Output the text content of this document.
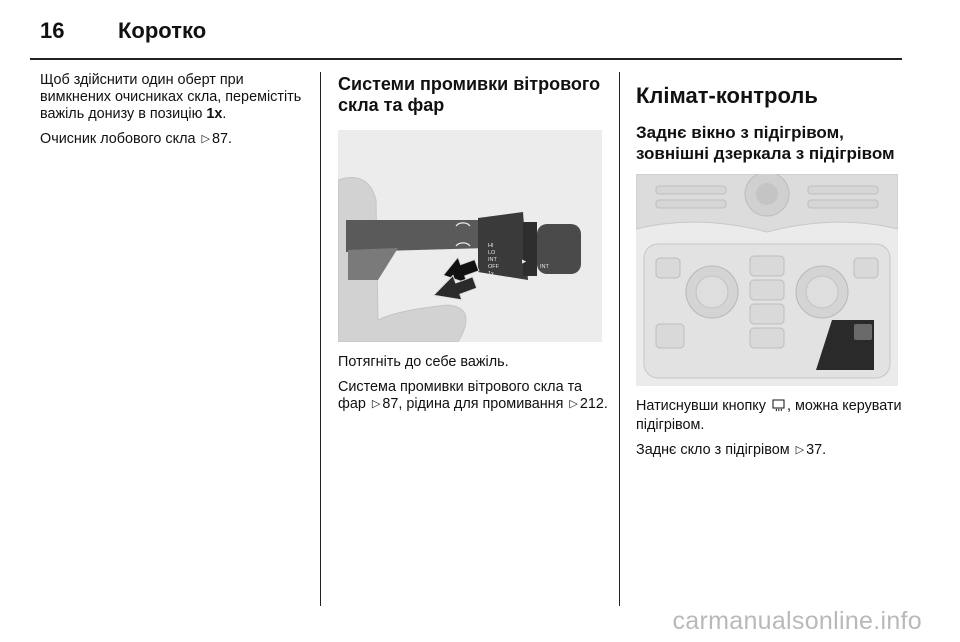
16 Коротко

Щоб здійснити один оберт при вимкнених очисниках скла, перемістіть важіль донизу в позицію 1x.

Очисник лобового скла ▷ 87.

Системи промивки вітрового скла та фар
HI
LO
INT
OFF
1x
INT
▶

Потягніть до себе важіль.

Система промивки вітрового скла та фар ▷ 87, рідина для промивання ▷ 212.

Клімат-контроль
Заднє вікно з підігрівом, зовнішні дзеркала з підігрівом

Натиснувши кнопку , можна керувати підігрівом.

Заднє скло з підігрівом ▷ 37.

carmanualsonline.info
